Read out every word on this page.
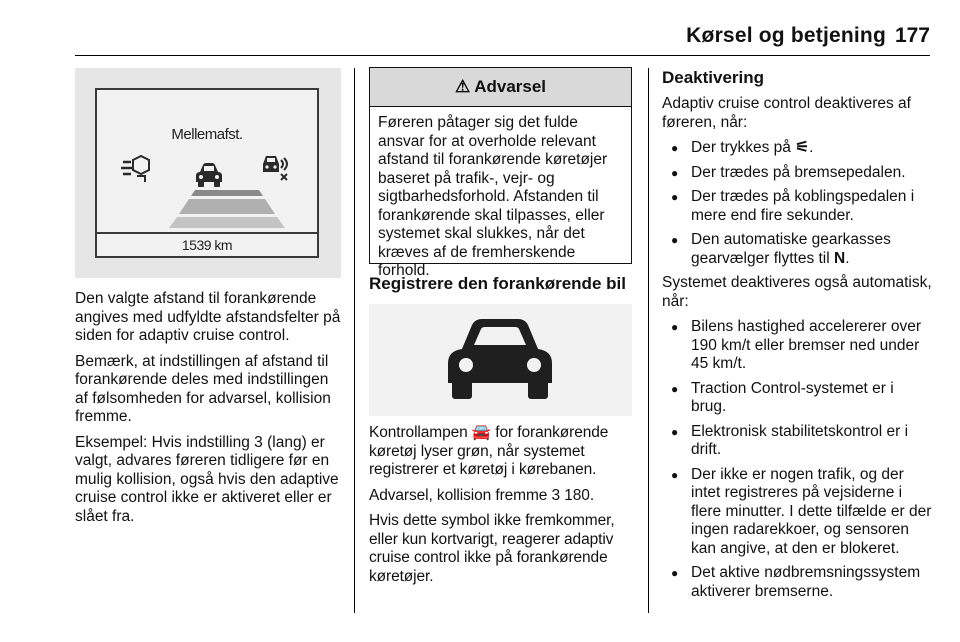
Kørsel og betjening 177
Mellemafst.
1539 km

Den valgte afstand til forankørende angives med udfyldte afstandsfelter på siden for adaptiv cruise control.

Bemærk, at indstillingen af afstand til forankørende deles med indstillingen af følsomheden for advarsel, kollision fremme.

Eksempel: Hvis indstilling 3 (lang) er valgt, advares føreren tidligere før en mulig kollision, også hvis den adaptive cruise control ikke er aktiveret eller er slået fra.

⚠ Advarsel
Føreren påtager sig det fulde ansvar for at overholde relevant afstand til forankørende køretøjer baseret på trafik-, vejr- og sigtbarhedsforhold. Afstanden til forankørende skal tilpasses, eller systemet skal slukkes, når det kræves af de fremherskende forhold.
Registrere den forankørende bil

Kontrollampen 🚘 for forankørende køretøj lyser grøn, når systemet registrerer et køretøj i kørebanen.

Advarsel, kollision fremme 3 180.

Hvis dette symbol ikke fremkommer, eller kun kortvarigt, reagerer adaptiv cruise control ikke på forankørende køretøjer.

Deaktivering

Adaptiv cruise control deaktiveres af føreren, når:

● Der trykkes på ⚟.
● Der trædes på bremsepedalen.
● Der trædes på koblingspedalen i mere end fire sekunder.
● Den automatiske gearkasses gearvælger flyttes til N.

Systemet deaktiveres også automatisk, når:

● Bilens hastighed accelererer over 190 km/t eller bremser ned under 45 km/t.
● Traction Control-systemet er i brug.
● Elektronisk stabilitetskontrol er i drift.
● Der ikke er nogen trafik, og der intet registreres på vejsiderne i flere minutter. I dette tilfælde er der ingen radarekkoer, og sensoren kan angive, at den er blokeret.
● Det aktive nødbremsningssystem aktiverer bremserne.
